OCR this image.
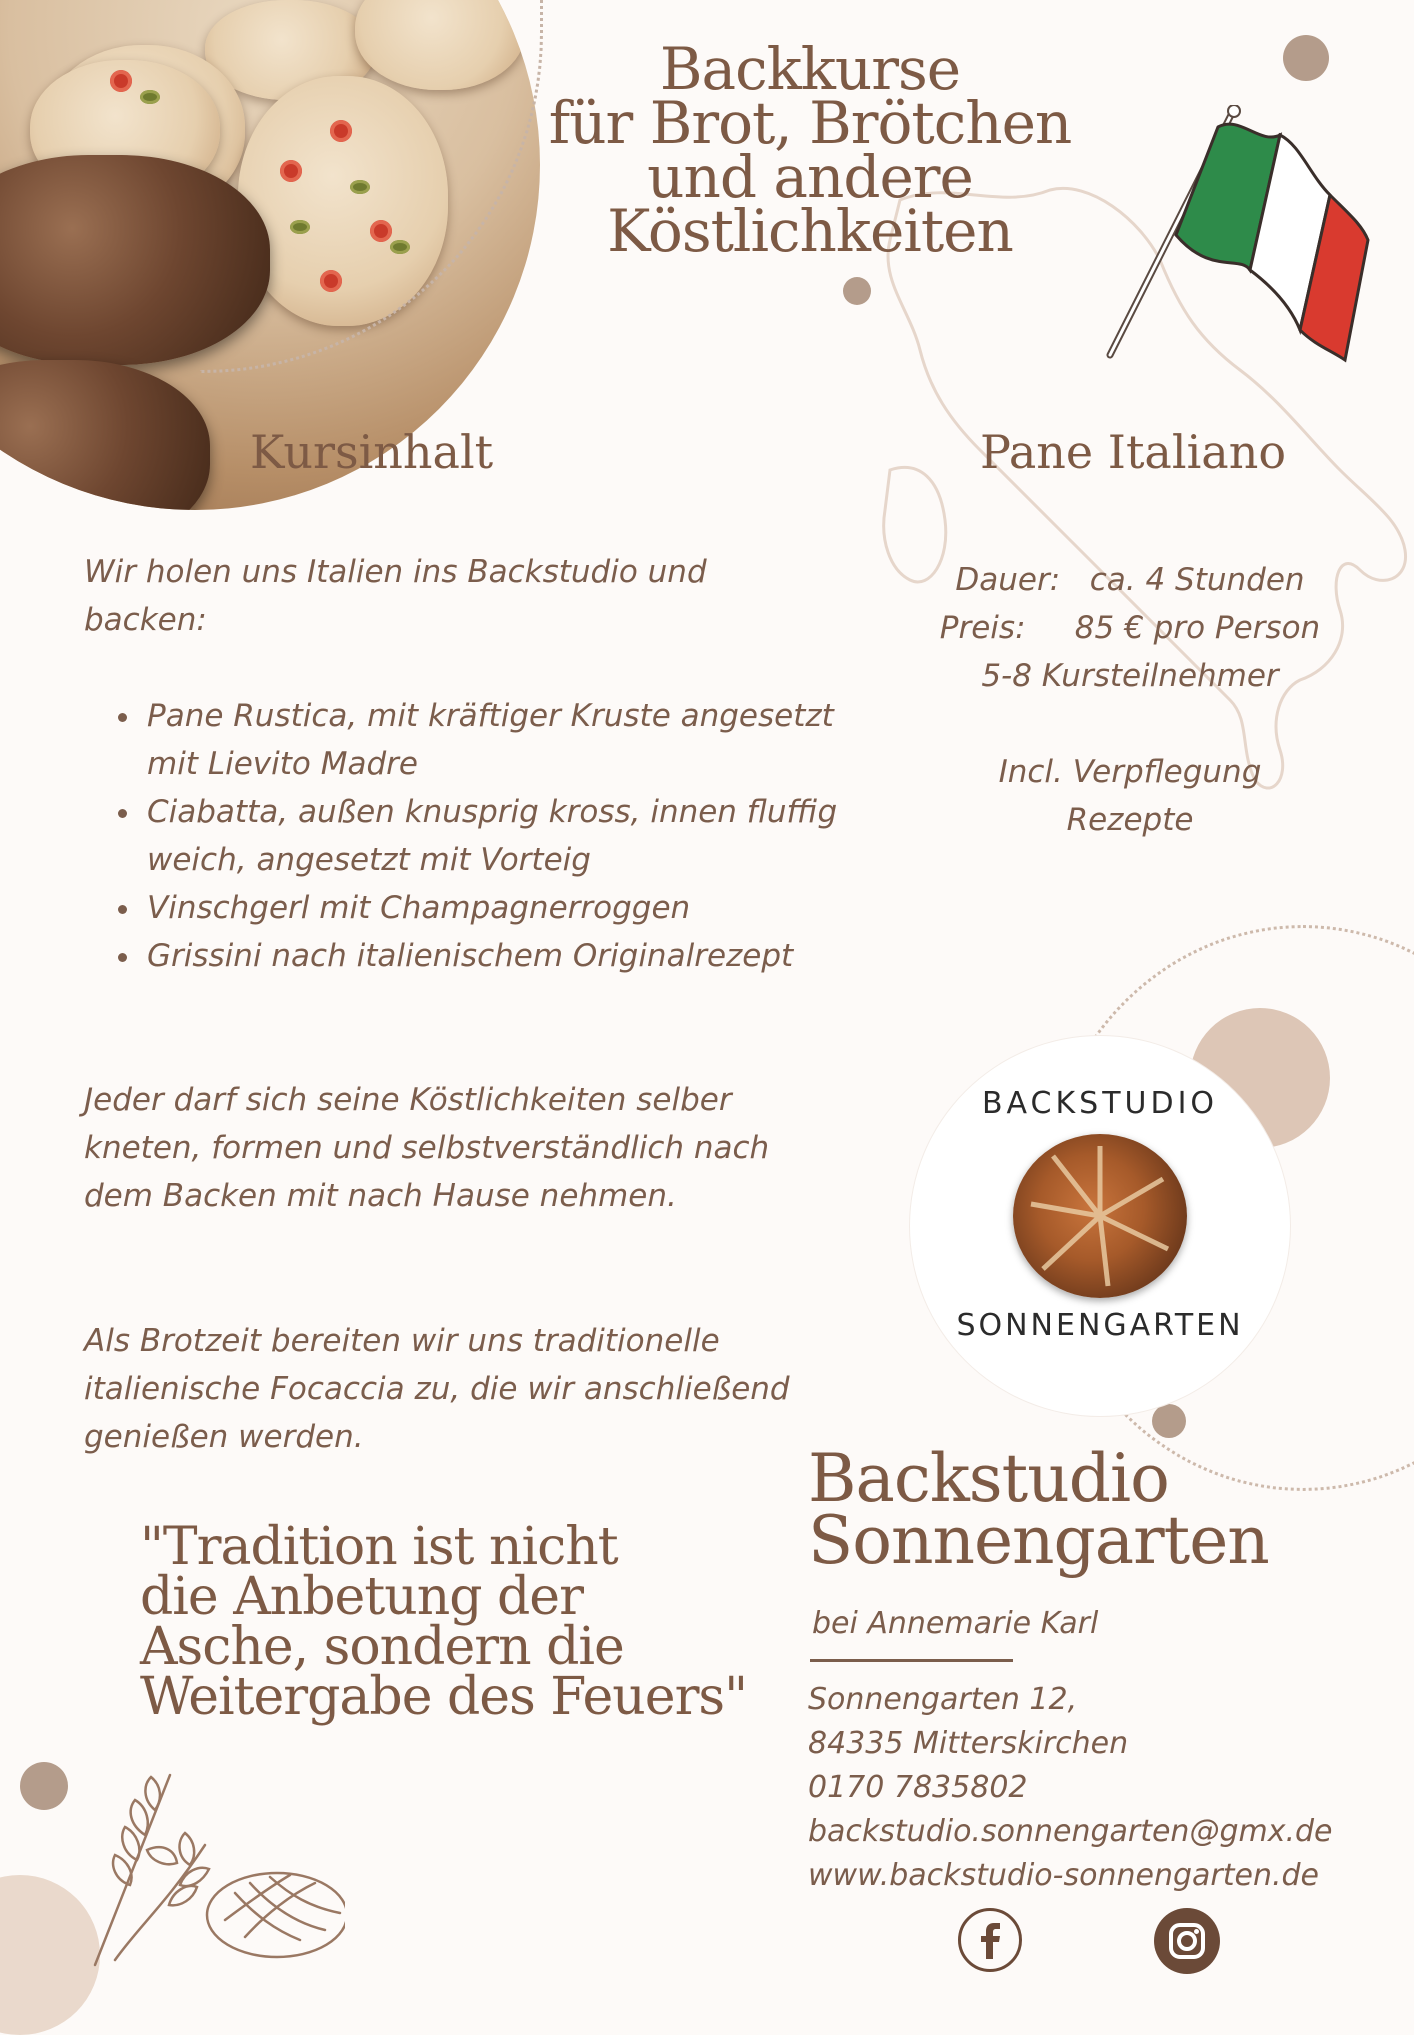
Backkurse
für Brot, Brötchen
und andere
Köstlichkeiten
Kursinhalt	Pane Italiano
Wir holen uns Italien ins Backstudio und backen:
• Pane Rustica, mit kräftiger Kruste angesetzt mit Lievito Madre
• Ciabatta, außen knusprig kross, innen fluffig weich, angesetzt mit Vorteig
• Vinschgerl mit Champagnerroggen
• Grissini nach italienischem Originalrezept
Jeder darf sich seine Köstlichkeiten selber kneten, formen und selbstverständlich nach dem Backen mit nach Hause nehmen.
Als Brotzeit bereiten wir uns traditionelle italienische Focaccia zu, die wir anschließend genießen werden.
Dauer:   ca. 4 Stunden
Preis:     85 € pro Person
5-8 Kursteilnehmer
Incl. Verpflegung
Rezepte
"Tradition ist nicht
die Anbetung der
Asche, sondern die
Weitergabe des Feuers"
BACKSTUDIO
SONNENGARTEN
Backstudio
Sonnengarten
bei Annemarie Karl
Sonnengarten 12,
84335 Mitterskirchen
0170 7835802
backstudio.sonnengarten@gmx.de
www.backstudio-sonnengarten.de
